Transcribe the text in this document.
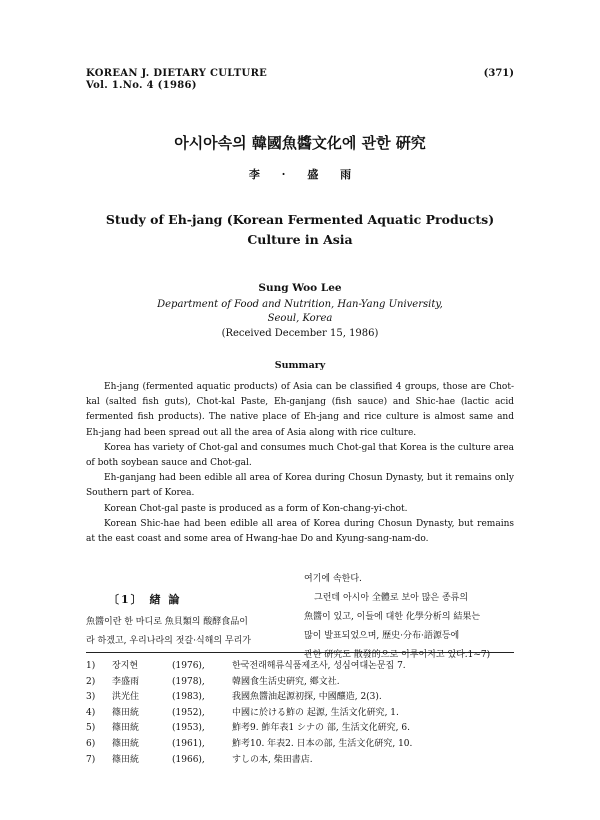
KOREAN J. DIETARY CULTURE
Vol. 1.No. 4 (1986)
(371)
아시아속의 韓國魚醬文化에 관한 硏究
李 · 盛 雨
Study of Eh-jang (Korean Fermented Aquatic Products)
Culture in Asia
Sung Woo Lee
Department of Food and Nutrition, Han-Yang University,
Seoul, Korea
(Received December 15, 1986)
Summary

Eh-jang (fermented aquatic products) of Asia can be classified 4 groups, those are Chot-kal (salted fish guts), Chot-kal Paste, Eh-ganjang (fish sauce) and Shic-hae (lactic acid fermented fish products). The native place of Eh-jang and rice culture is almost same and Eh-jang had been spread out all the area of Asia along with rice culture.

Korea has variety of Chot-gal and consumes much Chot-gal that Korea is the culture area of both soybean sauce and Chot-gal.

Eh-ganjang had been edible all area of Korea during Chosun Dynasty, but it remains only Southern part of Korea.

Korean Chot-gal paste is produced as a form of Kon-chang-yi-chot.

Korean Shic-hae had been edible all area of Korea during Chosun Dynasty, but remains at the east coast and some area of Hwang-hae Do and Kyung-sang-nam-do.

〔1〕 緖 論
魚醬이란 한 마디로 魚貝類의 酸酵食品이
라 하겠고, 우리나라의 젓갈·식해의 무리가
여기에 속한다.
그런데 아시아 全體로 보아 많은 종류의
魚醬이 있고, 이들에 대한 化學分析의 結果는
많이 발표되었으며, 歷史·分布·語源등에
관한 硏究도 散發的으로 이루어지고 있다.1~7)
1)	장지현	(1976),	한국전래해류식품제조사, 성심여대논문집 7.
2)	李盛雨	(1978),	韓國食生活史硏究, 鄕文社.
3)	洪光住	(1983),	我國魚醬油起源初探, 中國釀造, 2(3).
4)	篠田統	(1952),	中國に於ける鮓の 起源, 生活文化硏究, 1.
5)	篠田統	(1953),	鮓考9. 鮓年表1 シナの 部, 生活文化硏究, 6.
6)	篠田統	(1961),	鮓考10. 年表2. 日本の部, 生活文化硏究, 10.
7)	篠田統	(1966),	すしの本, 柴田書店.
